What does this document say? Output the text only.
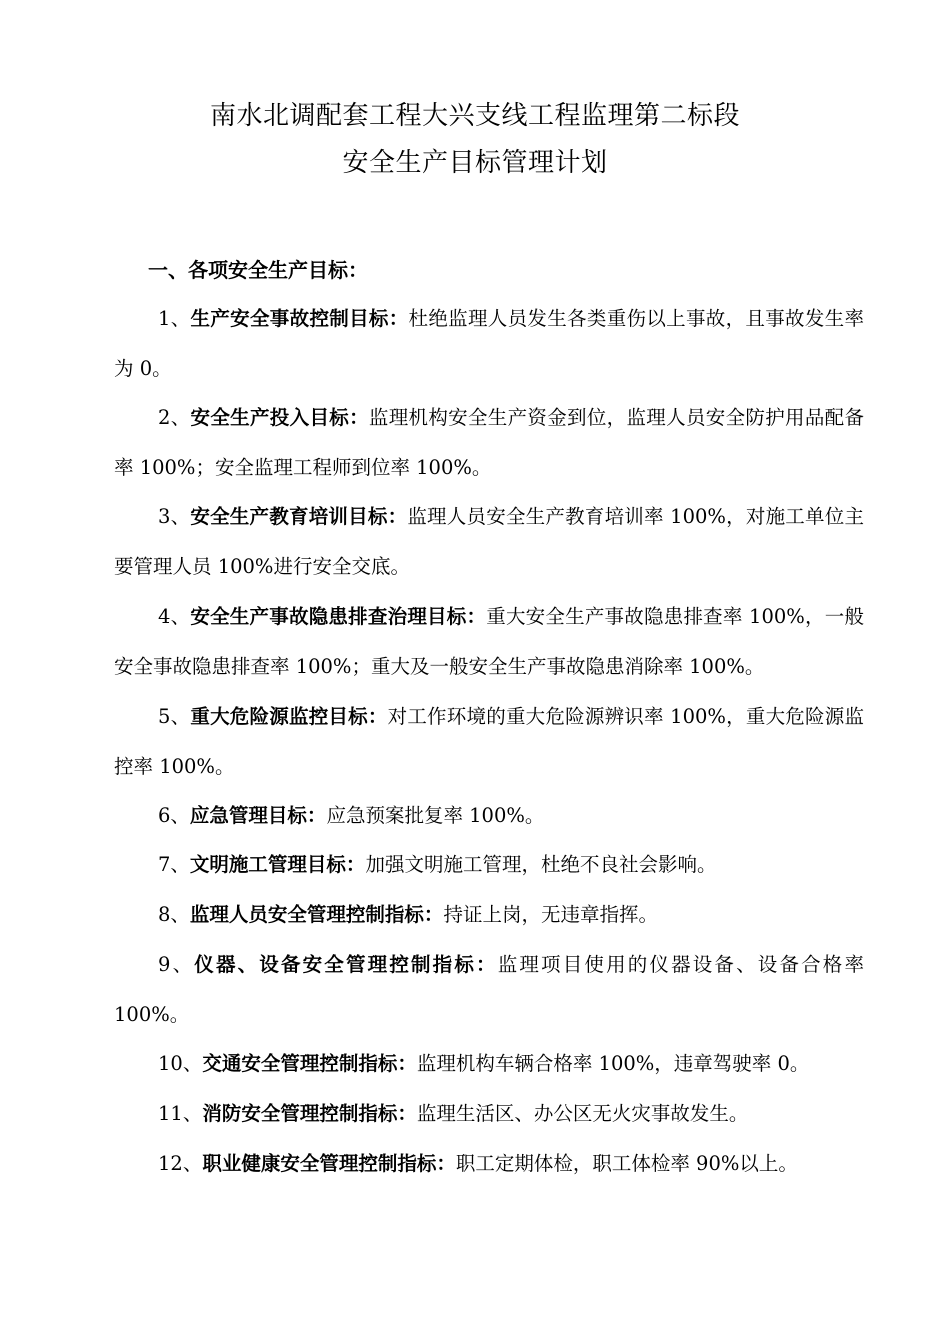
南水北调配套工程大兴支线工程监理第二标段
安全生产目标管理计划
一、各项安全生产目标：
1、生产安全事故控制目标：杜绝监理人员发生各类重伤以上事故，且事故发生率为 0。
2、安全生产投入目标：监理机构安全生产资金到位，监理人员安全防护用品配备率 100%；安全监理工程师到位率 100%。
3、安全生产教育培训目标：监理人员安全生产教育培训率 100%，对施工单位主要管理人员 100%进行安全交底。
4、安全生产事故隐患排查治理目标：重大安全生产事故隐患排查率 100%，一般安全事故隐患排查率 100%；重大及一般安全生产事故隐患消除率 100%。
5、重大危险源监控目标：对工作环境的重大危险源辨识率 100%，重大危险源监控率 100%。
6、应急管理目标：应急预案批复率 100%。
7、文明施工管理目标：加强文明施工管理，杜绝不良社会影响。
8、监理人员安全管理控制指标：持证上岗，无违章指挥。
9、仪器、设备安全管理控制指标：监理项目使用的仪器设备、设备合格率 100%。
10、交通安全管理控制指标：监理机构车辆合格率 100%，违章驾驶率 0。
11、消防安全管理控制指标：监理生活区、办公区无火灾事故发生。
12、职业健康安全管理控制指标：职工定期体检，职工体检率 90%以上。
